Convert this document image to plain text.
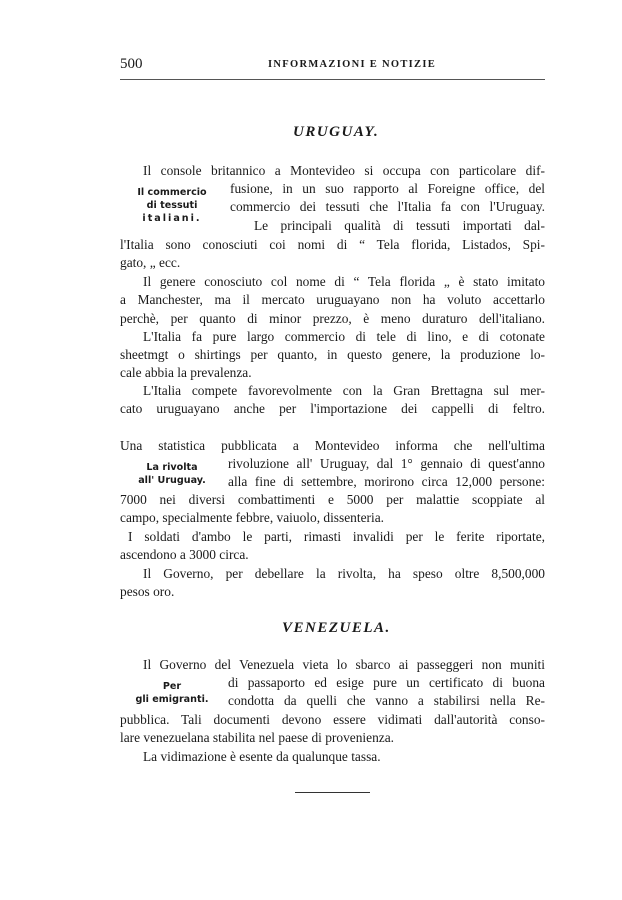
500	INFORMAZIONI E NOTIZIE
URUGUAY.
Il console britannico a Montevideo si occupa con particolare dif-
fusione, in un suo rapporto al Foreigne office, del
commercio dei tessuti che l'Italia fa con l'Uruguay.
Le principali qualità di tessuti importati dal-
l'Italia sono conosciuti coi nomi di “ Tela florida, Listados, Spi-
gato, „ ecc.
Il genere conosciuto col nome di “ Tela florida „ è stato imitato
a Manchester, ma il mercato uruguayano non ha voluto accettarlo
perchè, per quanto di minor prezzo, è meno duraturo dell'italiano.
L'Italia fa pure largo commercio di tele di lino, e di cotonate
sheetmgt o shirtings per quanto, in questo genere, la produzione lo-
cale abbia la prevalenza.
L'Italia compete favorevolmente con la Gran Brettagna sul mer-
cato uruguayano anche per l'importazione dei cappelli di feltro.
Una statistica pubblicata a Montevideo informa che nell'ultima
rivoluzione all' Uruguay, dal 1° gennaio di quest'anno
alla fine di settembre, morirono circa 12,000 persone:
7000 nei diversi combattimenti e 5000 per malattie scoppiate al
campo, specialmente febbre, vaiuolo, dissenteria.
I soldati d'ambo le parti, rimasti invalidi per le ferite riportate,
ascendono a 3000 circa.
Il Governo, per debellare la rivolta, ha speso oltre 8,500,000
pesos oro.
Il commercio
di tessuti
italiani.
La rivolta
all' Uruguay.
VENEZUELA.
Il Governo del Venezuela vieta lo sbarco ai passeggeri non muniti
di passaporto ed esige pure un certificato di buona
condotta da quelli che vanno a stabilirsi nella Re-
pubblica. Tali documenti devono essere vidimati dall'autorità conso-
lare venezuelana stabilita nel paese di provenienza.
La vidimazione è esente da qualunque tassa.
Per
gli emigranti.
